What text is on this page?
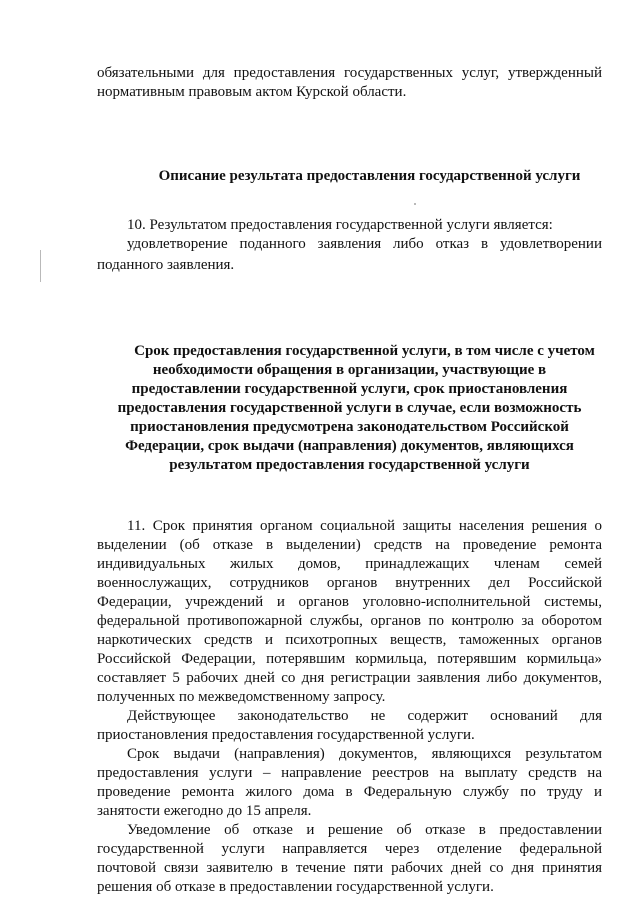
обязательными для предоставления государственных услуг, утвержденный
нормативным правовым актом Курской области.
Описание результата предоставления государственной услуги
10. Результатом предоставления государственной услуги является:
удовлетворение поданного заявления либо отказ в удовлетворении
поданного заявления.
Срок предоставления государственной услуги, в том числе с учетом
необходимости обращения в организации, участвующие в
предоставлении государственной услуги, срок приостановления
предоставления государственной услуги в случае, если возможность
приостановления предусмотрена законодательством Российской
Федерации, срок выдачи (направления) документов, являющихся
результатом предоставления государственной услуги
11. Срок принятия органом социальной защиты населения решения о
выделении (об отказе в выделении) средств на проведение ремонта
индивидуальных жилых домов, принадлежащих членам семей
военнослужащих, сотрудников органов внутренних дел Российской
Федерации, учреждений и органов уголовно-исполнительной системы,
федеральной противопожарной службы, органов по контролю за оборотом
наркотических средств и психотропных веществ, таможенных органов
Российской Федерации, потерявшим кормильца, потерявшим кормильца»
составляет 5 рабочих дней со дня регистрации заявления либо документов,
полученных по межведомственному запросу.
Действующее законодательство не содержит оснований для
приостановления предоставления государственной услуги.
Срок выдачи (направления) документов, являющихся результатом
предоставления услуги – направление реестров на выплату средств на
проведение ремонта жилого дома в Федеральную службу по труду и
занятости ежегодно до 15 апреля.
Уведомление об отказе и решение об отказе в предоставлении
государственной услуги направляется через отделение федеральной
почтовой связи заявителю в течение пяти рабочих дней со дня принятия
решения об отказе в предоставлении государственной услуги.
